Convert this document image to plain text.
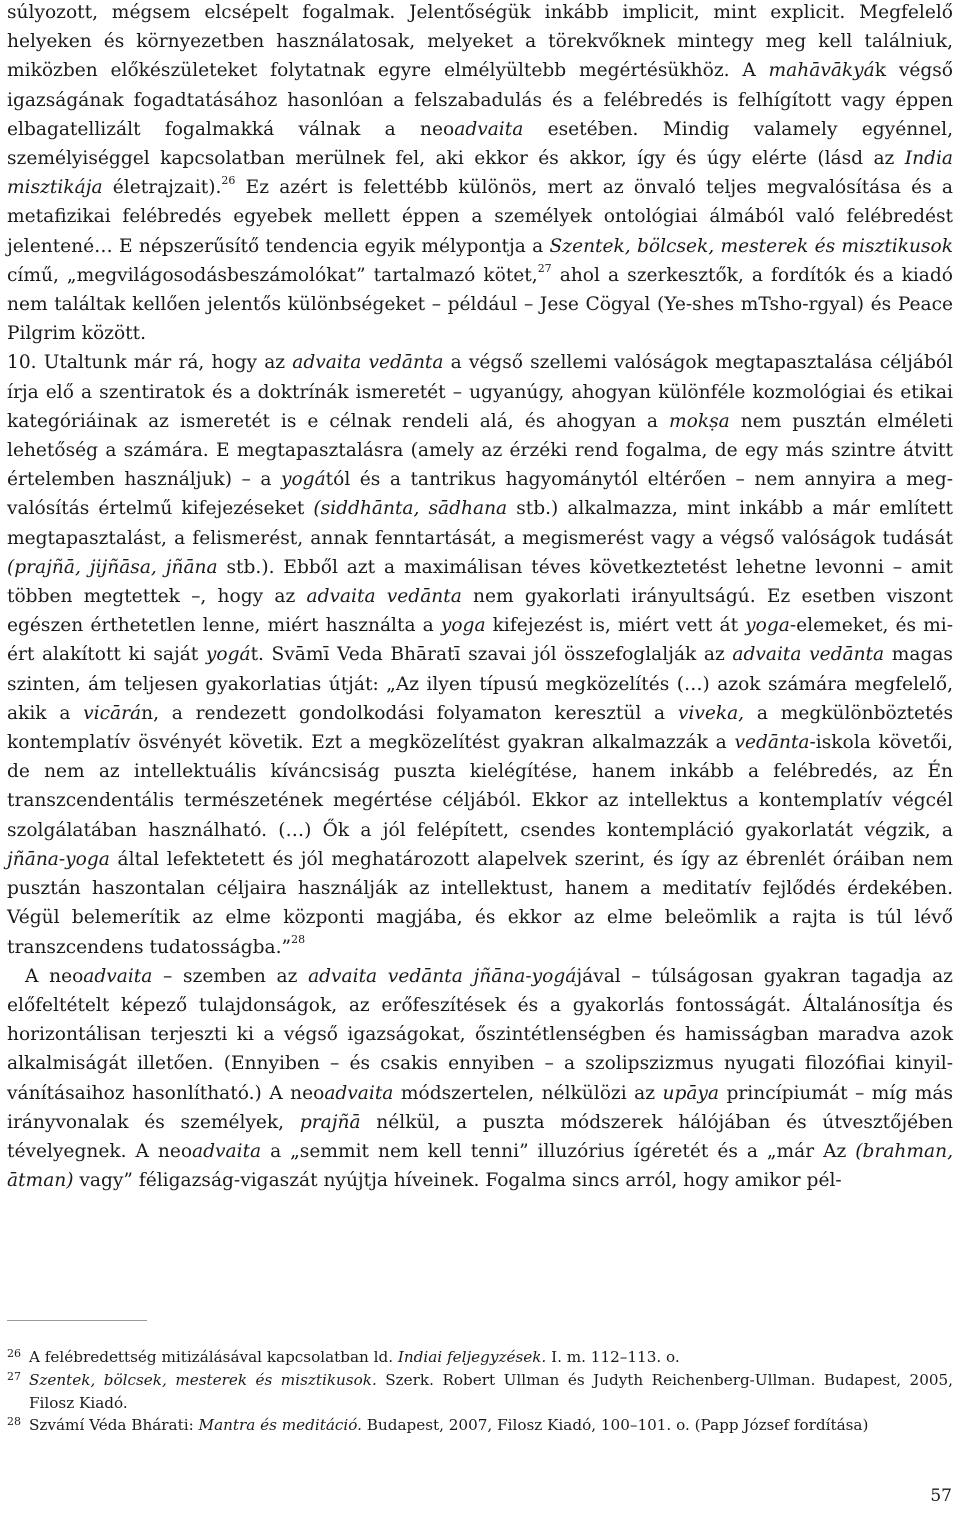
súlyozott, mégsem elcsépelt fogalmak. Jelentőségük inkább implicit, mint explicit. Megfelelő helyeken és környezetben használatosak, melyeket a törekvőknek mintegy meg kell találniuk, miközben előkészületeket folytatnak egyre elmélyültebb megértésükhöz. A mahāvākyák végső igazságának fogadtatásához hasonlóan a felszabadulás és a felébredés is felhígított vagy éppen elbagatellizált fogalmakká válnak a neoadvaita esetében. Mindig valamely egyénnel, személyiséggel kapcsolatban merülnek fel, aki ekkor és akkor, így és úgy elérte (lásd az India misztikája életrajzait).$^{26}$ Ez azért is felettébb különös, mert az önvaló teljes megvalósítása és a metafizikai felébredés egyebek mellett éppen a személyek ontológiai álmából való felébredést jelentené… E népszerűsítő tendencia egyik mélypontja a Szentek, bölcsek, mesterek és misztikusok című, „megvilágosodásbeszámolókat” tartalmazó kötet,$^{27}$ ahol a szerkesztők, a fordítók és a kiadó nem találtak kellően jelentős különbségeket – például – Jese Cögyal (Ye-shes mTsho-rgyal) és Peace Pilgrim között.

10. Utaltunk már rá, hogy az advaita vedānta a végső szellemi valóságok megtapasztalása céljából írja elő a szentiratok és a doktrínák ismeretét – ugyanúgy, ahogyan különféle kozmológiai és etikai kategóriáinak az ismeretét is e célnak rendeli alá, és ahogyan a mokṣa nem pusztán elméleti lehetőség a számára. E megtapasztalásra (amely az érzéki rend fogalma, de egy más szintre átvitt értelemben használjuk) – a yogától és a tantrikus hagyománytól eltérően – nem annyira a megvalósítás értelmű kifejezéseket (siddhānta, sādhana stb.) alkalmazza, mint inkább a már említett megtapasztalást, a felismerést, annak fenntartását, a megismerést vagy a végső valóságok tudását (prajñā, jijñāsa, jñāna stb.). Ebből azt a maximálisan téves következtetést lehetne levonni – amit többen megtettek –, hogy az advaita vedānta nem gyakorlati irányultságú. Ez esetben viszont egészen érthetetlen lenne, miért használta a yoga kifejezést is, miért vett át yoga-elemeket, és miért alakított ki saját yogát. Svāmī Veda Bhāratī szavai jól összefoglalják az advaita vedānta magas szinten, ám teljesen gyakorlatias útját: „Az ilyen típusú megközelítés (…) azok számára megfelelő, akik a vicārán, a rendezett gondolkodási folyamaton keresztül a viveka, a megkülönböztetés kontemplatív ösvényét követik. Ezt a megközelítést gyakran alkalmazzák a vedānta-iskola követői, de nem az intellektuális kíváncsiság puszta kielégítése, hanem inkább a felébredés, az Én transzcendentális természetének megértése céljából. Ekkor az intellektus a kontemplatív végcél szolgálatában használható. (…) Ők a jól felépített, csendes kontempláció gyakorlatát végzik, a jñāna-yoga által lefektetett és jól meghatározott alapelvek szerint, és így az ébrenlét óráiban nem pusztán haszontalan céljaira használják az intellektust, hanem a meditatív fejlődés érdekében. Végül belemerítik az elme központi magjába, és ekkor az elme beleömlik a rajta is túl lévő transzcendens tudatosságba.”$^{28}$

A neoadvaita – szemben az advaita vedānta jñāna-yogájával – túlságosan gyakran tagadja az előfeltételt képező tulajdonságok, az erőfeszítések és a gyakorlás fontosságát. Általánosítja és horizontálisan terjeszti ki a végső igazságokat, őszintétlenségben és hamisságban maradva azok alkalmiságát illetően. (Ennyiben – és csakis ennyiben – a szolipszizmus nyugati filozófiai kinyilvánításaihoz hasonlítható.) A neoadvaita módszertelen, nélkülözi az upāya princípiumát – míg más irányvonalak és személyek, prajñā nélkül, a puszta módszerek hálójában és útvesztőjében tévelyegnek. A neoadvaita a „semmit nem kell tenni” illuzórius ígéretét és a „már Az (brahman, ātman) vagy” féligazság-vigaszát nyújtja híveinek. Fogalma sincs arról, hogy amikor pél-

26 A felébredettség mitizálásával kapcsolatban ld. Indiai feljegyzések. I. m. 112–113. o.
27 Szentek, bölcsek, mesterek és misztikusok. Szerk. Robert Ullman és Judyth Reichenberg-Ullman. Budapest, 2005, Filosz Kiadó.
28 Szvámí Véda Bhárati: Mantra és meditáció. Budapest, 2007, Filosz Kiadó, 100–101. o. (Papp József fordítása)
57
